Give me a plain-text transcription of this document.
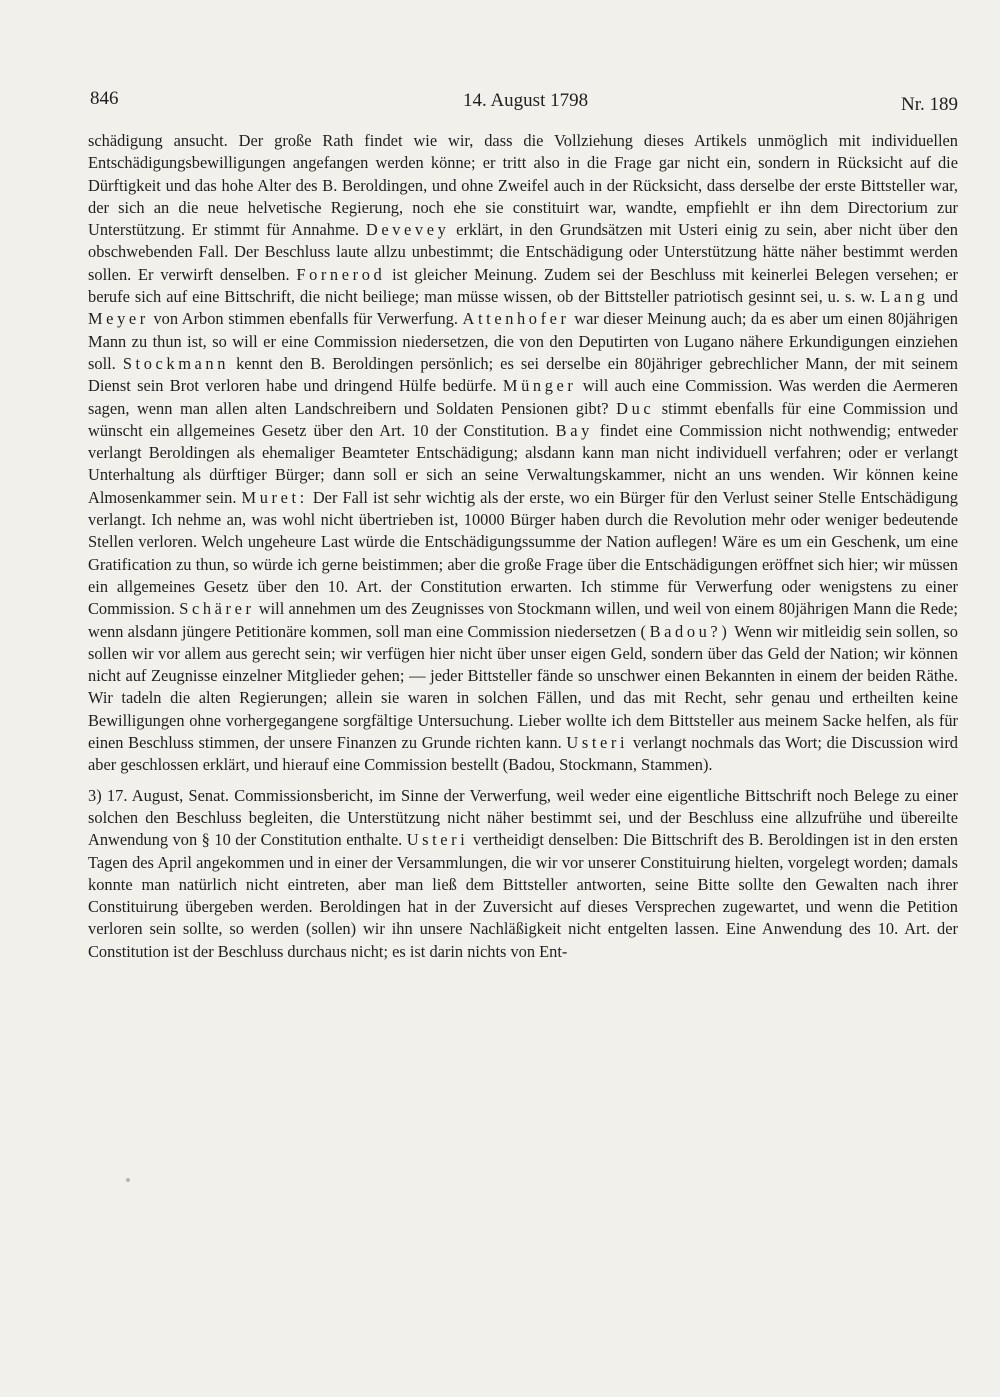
846	14. August 1798	Nr. 189

schädigung ansucht. Der große Rath findet wie wir, dass die Vollziehung dieses Artikels unmöglich mit individuellen Entschädigungsbewilligungen angefangen werden könne; er tritt also in die Frage gar nicht ein, sondern in Rücksicht auf die Dürftigkeit und das hohe Alter des B. Beroldingen, und ohne Zweifel auch in der Rücksicht, dass derselbe der erste Bittsteller war, der sich an die neue helvetische Regierung, noch ehe sie constituirt war, wandte, empfiehlt er ihn dem Directorium zur Unterstützung. Er stimmt für Annahme. Devevey erklärt, in den Grundsätzen mit Usteri einig zu sein, aber nicht über den obschwebenden Fall. Der Beschluss laute allzu unbestimmt; die Entschädigung oder Unterstützung hätte näher bestimmt werden sollen. Er verwirft denselben. Fornerod ist gleicher Meinung. Zudem sei der Beschluss mit keinerlei Belegen versehen; er berufe sich auf eine Bittschrift, die nicht beiliege; man müsse wissen, ob der Bittsteller patriotisch gesinnt sei, u. s. w. Lang und Meyer von Arbon stimmen ebenfalls für Verwerfung. Attenhofer war dieser Meinung auch; da es aber um einen 80jährigen Mann zu thun ist, so will er eine Commission niedersetzen, die von den Deputirten von Lugano nähere Erkundigungen einziehen soll. Stockmann kennt den B. Beroldingen persönlich; es sei derselbe ein 80jähriger gebrechlicher Mann, der mit seinem Dienst sein Brot verloren habe und dringend Hülfe bedürfe. Münger will auch eine Commission. Was werden die Aermeren sagen, wenn man allen alten Landschreibern und Soldaten Pensionen gibt? Duc stimmt ebenfalls für eine Commission und wünscht ein allgemeines Gesetz über den Art. 10 der Constitution. Bay findet eine Commission nicht nothwendig; entweder verlangt Beroldingen als ehemaliger Beamteter Entschädigung; alsdann kann man nicht individuell verfahren; oder er verlangt Unterhaltung als dürftiger Bürger; dann soll er sich an seine Verwaltungskammer, nicht an uns wenden. Wir können keine Almosenkammer sein. Muret: Der Fall ist sehr wichtig als der erste, wo ein Bürger für den Verlust seiner Stelle Entschädigung verlangt. Ich nehme an, was wohl nicht übertrieben ist, 10000 Bürger haben durch die Revolution mehr oder weniger bedeutende Stellen verloren. Welch ungeheure Last würde die Entschädigungssumme der Nation auflegen! Wäre es um ein Geschenk, um eine Gratification zu thun, so würde ich gerne beistimmen; aber die große Frage über die Entschädigungen eröffnet sich hier; wir müssen ein allgemeines Gesetz über den 10. Art. der Constitution erwarten. Ich stimme für Verwerfung oder wenigstens zu einer Commission. Schärer will annehmen um des Zeugnisses von Stockmann willen, und weil von einem 80jährigen Mann die Rede; wenn alsdann jüngere Petitionäre kommen, soll man eine Commission niedersetzen (Badou?) Wenn wir mitleidig sein sollen, so sollen wir vor allem aus gerecht sein; wir verfügen hier nicht über unser eigen Geld, sondern über das Geld der Nation; wir können nicht auf Zeugnisse einzelner Mitglieder gehen; — jeder Bittsteller fände so unschwer einen Bekannten in einem der beiden Räthe. Wir tadeln die alten Regierungen; allein sie waren in solchen Fällen, und das mit Recht, sehr genau und ertheilten keine Bewilligungen ohne vorhergegangene sorgfältige Untersuchung. Lieber wollte ich dem Bittsteller aus meinem Sacke helfen, als für einen Beschluss stimmen, der unsere Finanzen zu Grunde richten kann. Usteri verlangt nochmals das Wort; die Discussion wird aber geschlossen erklärt, und hierauf eine Commission bestellt (Badou, Stockmann, Stammen).

3) 17. August, Senat. Commissionsbericht, im Sinne der Verwerfung, weil weder eine eigentliche Bittschrift noch Belege zu einer solchen den Beschluss begleiten, die Unterstützung nicht näher bestimmt sei, und der Beschluss eine allzufrühe und übereilte Anwendung von § 10 der Constitution enthalte. Usteri vertheidigt denselben: Die Bittschrift des B. Beroldingen ist in den ersten Tagen des April angekommen und in einer der Versammlungen, die wir vor unserer Constituirung hielten, vorgelegt worden; damals konnte man natürlich nicht eintreten, aber man ließ dem Bittsteller antworten, seine Bitte sollte den Gewalten nach ihrer Constituirung übergeben werden. Beroldingen hat in der Zuversicht auf dieses Versprechen zugewartet, und wenn die Petition verloren sein sollte, so werden (sollen) wir ihn unsere Nachläßigkeit nicht entgelten lassen. Eine Anwendung des 10. Art. der Constitution ist der Beschluss durchaus nicht; es ist darin nichts von Ent-
